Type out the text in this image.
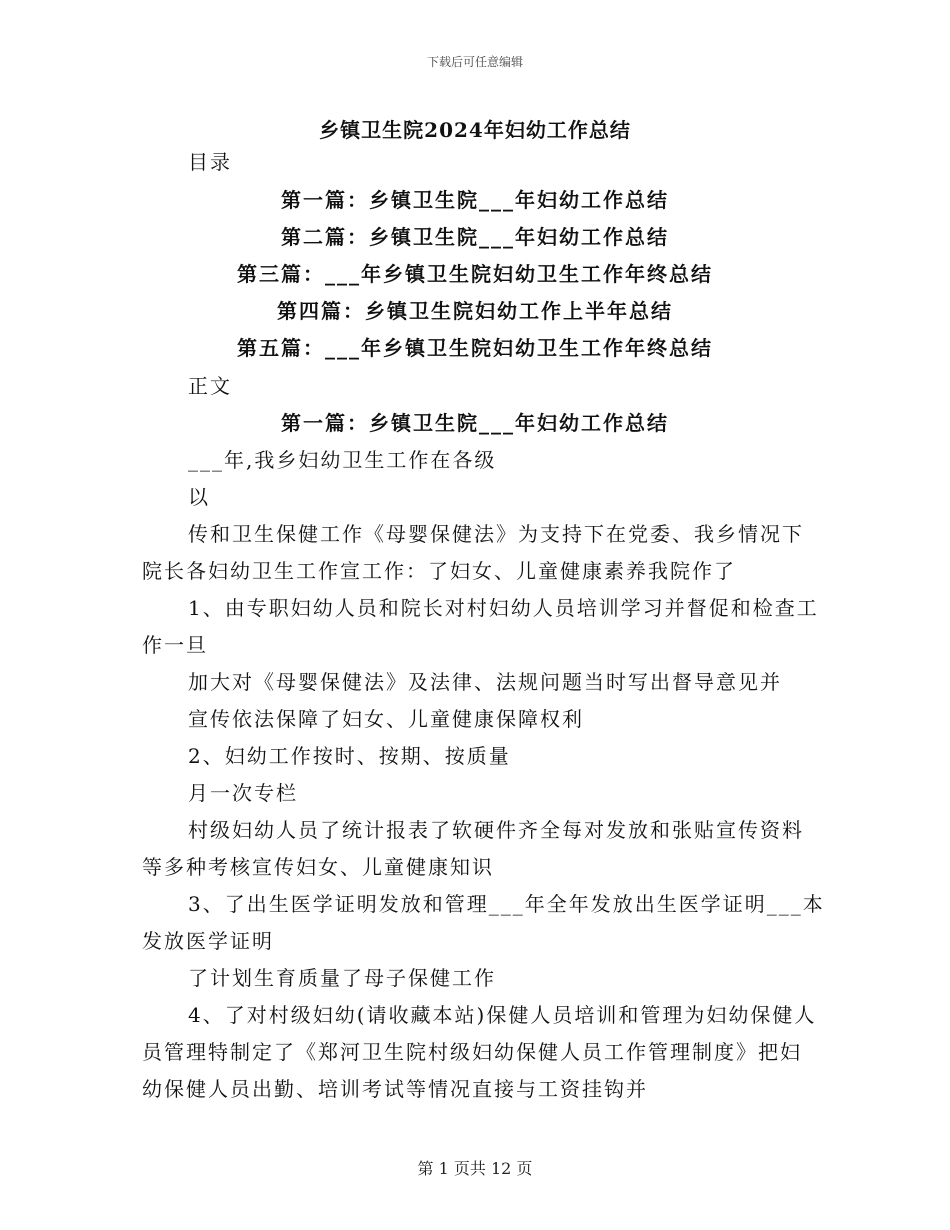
下载后可任意编辑
乡镇卫生院2024年妇幼工作总结
目录
第一篇：乡镇卫生院___年妇幼工作总结
第二篇：乡镇卫生院___年妇幼工作总结
第三篇：___年乡镇卫生院妇幼卫生工作年终总结
第四篇：乡镇卫生院妇幼工作上半年总结
第五篇：___年乡镇卫生院妇幼卫生工作年终总结
正文
第一篇：乡镇卫生院___年妇幼工作总结
___年,我乡妇幼卫生工作在各级
以
传和卫生保健工作《母婴保健法》为支持下在党委、我乡情况下
院长各妇幼卫生工作宣工作：了妇女、儿童健康素养我院作了
1、由专职妇幼人员和院长对村妇幼人员培训学习并督促和检查工
作一旦
加大对《母婴保健法》及法律、法规问题当时写出督导意见并
宣传依法保障了妇女、儿童健康保障权利
2、妇幼工作按时、按期、按质量
月一次专栏
村级妇幼人员了统计报表了软硬件齐全每对发放和张贴宣传资料
等多种考核宣传妇女、儿童健康知识
3、了出生医学证明发放和管理___年全年发放出生医学证明___本
发放医学证明
了计划生育质量了母子保健工作
4、了对村级妇幼(请收藏本站)保健人员培训和管理为妇幼保健人
员管理特制定了《郑河卫生院村级妇幼保健人员工作管理制度》把妇
幼保健人员出勤、培训考试等情况直接与工资挂钩并
第 1 页共 12 页
